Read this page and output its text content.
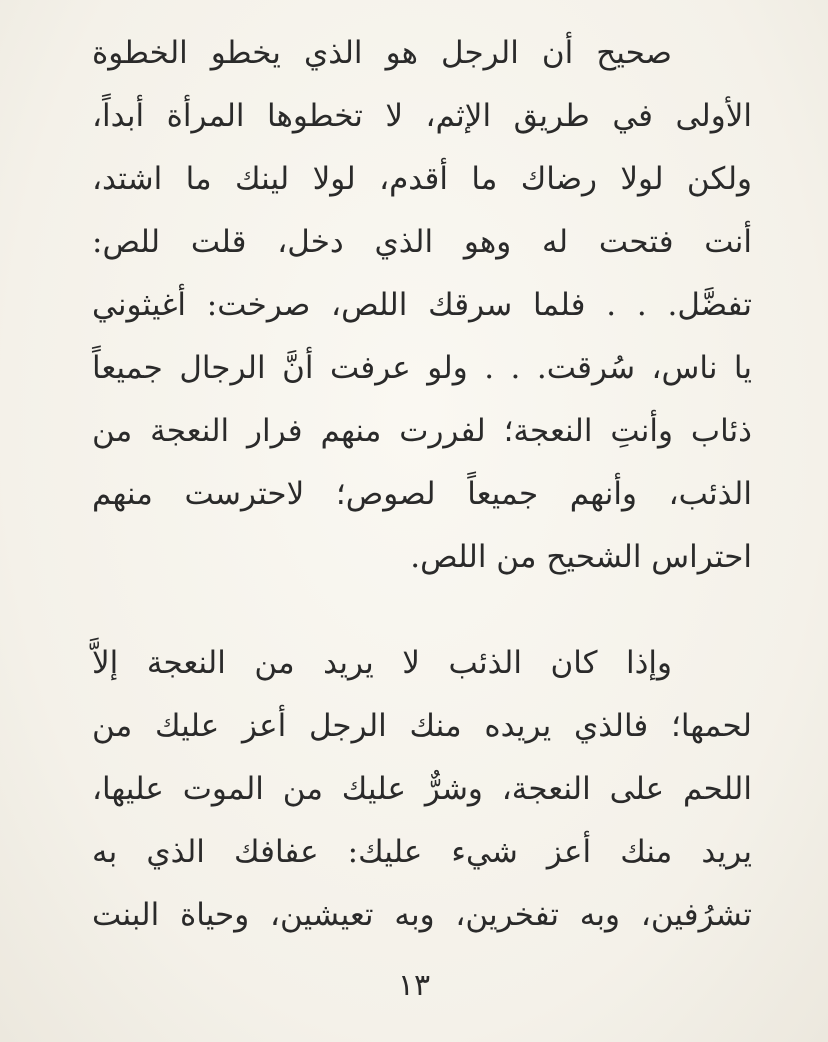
صحيح أن الرجل هو الذي يخطو الخطوة
الأولى في طريق الإثم، لا تخطوها المرأة أبداً،
ولكن لولا رضاك ما أقدم، لولا لينك ما اشتد،
أنت فتحت له وهو الذي دخل، قلت للص:
تفضَّل. . . فلما سرقك اللص، صرخت: أغيثوني
يا ناس، سُرقت. . . ولو عرفت أنَّ الرجال جميعاً
ذئاب وأنتِ النعجة؛ لفررت منهم فرار النعجة من
الذئب، وأنهم جميعاً لصوص؛ لاحترست منهم
احتراس الشحيح من اللص.
وإذا كان الذئب لا يريد من النعجة إلاَّ
لحمها؛ فالذي يريده منك الرجل أعز عليك من
اللحم على النعجة، وشرٌّ عليك من الموت عليها،
يريد منك أعز شيء عليك: عفافك الذي به
تشرُفين، وبه تفخرين، وبه تعيشين، وحياة البنت
١٣
